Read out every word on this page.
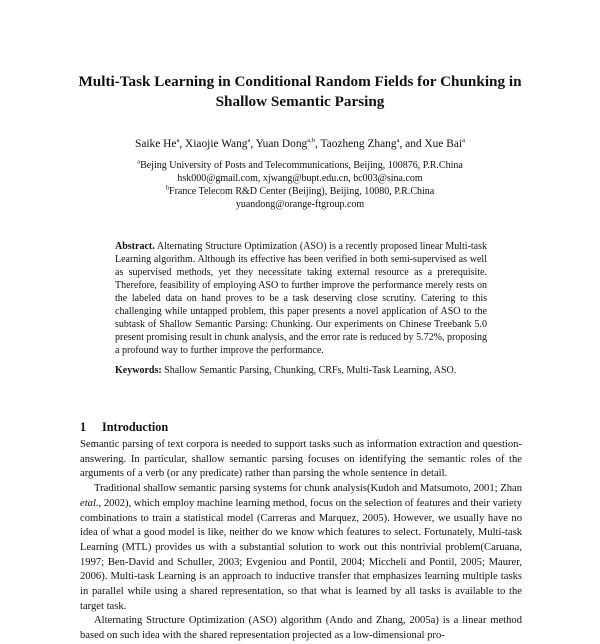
Multi-Task Learning in Conditional Random Fields for Chunking in
Shallow Semantic Parsing
Saike He$^a$, Xiaojie Wang$^a$, Yuan Dong$^{a,b}$, Taozheng Zhang$^a$, and Xue Bai$^a$
$^a$Bejing University of Posts and Telecommunications, Beijing, 100876, P.R.China
hsk000@gmail.com, xjwang@bupt.edu.cn, bc003@sina.com
$^b$France Telecom R&D Center (Beijing), Beijing, 10080, P.R.China
yuandong@orange-ftgroup.com
Abstract. Alternating Structure Optimization (ASO) is a recently proposed linear Multi-task Learning algorithm. Although its effective has been verified in both semi-supervised as well as supervised methods, yet they necessitate taking external resource as a prerequisite. Therefore, feasibility of employing ASO to further improve the performance merely rests on the labeled data on hand proves to be a task deserving close scrutiny. Catering to this challenging while untapped problem, this paper presents a novel application of ASO to the subtask of Shallow Semantic Parsing: Chunking. Our experiments on Chinese Treebank 5.0 present promising result in chunk analysis, and the error rate is reduced by 5.72%, proposing a profound way to further improve the performance.
Keywords: Shallow Semantic Parsing, Chunking, CRFs, Multi-Task Learning, ASO.
1 Introduction

Semantic parsing of text corpora is needed to support tasks such as information extraction and question-answering. In particular, shallow semantic parsing focuses on identifying the semantic roles of the arguments of a verb (or any predicate) rather than parsing the whole sentence in detail.

Traditional shallow semantic parsing systems for chunk analysis(Kudoh and Matsumoto, 2001; Zhan etal., 2002), which employ machine learning method, focus on the selection of features and their variety combinations to train a statistical model (Carreras and Marquez, 2005). However, we usually have no idea of what a good model is like, neither do we know which features to select. Fortunately, Multi-task Learning (MTL) provides us with a substantial solution to work out this nontrivial problem(Caruana, 1997; Ben-David and Schuller, 2003; Evgeniou and Pontil, 2004; Miccheli and Pontil, 2005; Maurer, 2006). Multi-task Learning is an approach to inductive transfer that emphasizes learning multiple tasks in parallel while using a shared representation, so that what is learned by all tasks is available to the target task.

Alternating Structure Optimization (ASO) algorithm (Ando and Zhang, 2005a) is a linear method based on such idea with the shared representation projected as a low-dimensional pro-
